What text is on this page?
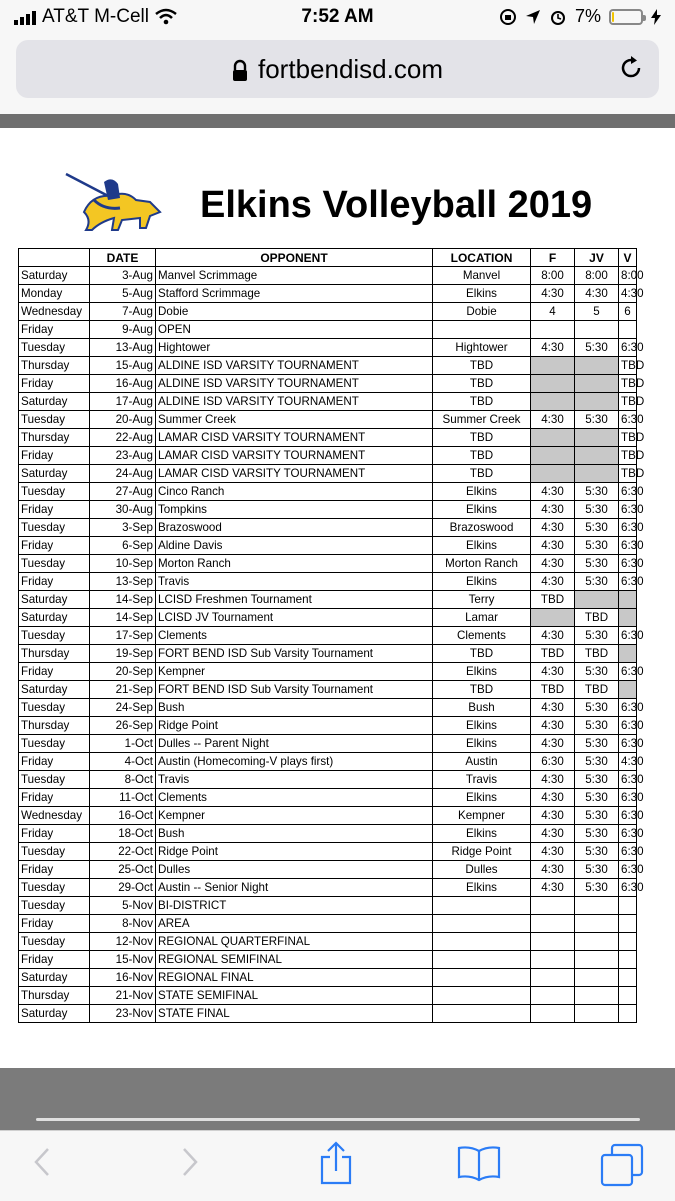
AT&T M-Cell	7:52 AM	7%
fortbendisd.com
Elkins Volleyball 2019
	DATE	OPPONENT	LOCATION	F	JV	V
Saturday	3-Aug	Manvel Scrimmage	Manvel	8:00	8:00	8:00
Monday	5-Aug	Stafford Scrimmage	Elkins	4:30	4:30	4:30
Wednesday	7-Aug	Dobie	Dobie	4	5	6
Friday	9-Aug	OPEN				
Tuesday	13-Aug	Hightower	Hightower	4:30	5:30	6:30
Thursday	15-Aug	ALDINE ISD VARSITY TOURNAMENT	TBD			TBD
Friday	16-Aug	ALDINE ISD VARSITY TOURNAMENT	TBD			TBD
Saturday	17-Aug	ALDINE ISD VARSITY TOURNAMENT	TBD			TBD
Tuesday	20-Aug	Summer Creek	Summer Creek	4:30	5:30	6:30
Thursday	22-Aug	LAMAR CISD VARSITY TOURNAMENT	TBD			TBD
Friday	23-Aug	LAMAR CISD VARSITY TOURNAMENT	TBD			TBD
Saturday	24-Aug	LAMAR CISD VARSITY TOURNAMENT	TBD			TBD
Tuesday	27-Aug	Cinco Ranch	Elkins	4:30	5:30	6:30
Friday	30-Aug	Tompkins	Elkins	4:30	5:30	6:30
Tuesday	3-Sep	Brazoswood	Brazoswood	4:30	5:30	6:30
Friday	6-Sep	Aldine Davis	Elkins	4:30	5:30	6:30
Tuesday	10-Sep	Morton Ranch	Morton Ranch	4:30	5:30	6:30
Friday	13-Sep	Travis	Elkins	4:30	5:30	6:30
Saturday	14-Sep	LCISD Freshmen Tournament	Terry	TBD		
Saturday	14-Sep	LCISD JV Tournament	Lamar		TBD	
Tuesday	17-Sep	Clements	Clements	4:30	5:30	6:30
Thursday	19-Sep	FORT BEND ISD Sub Varsity Tournament	TBD	TBD	TBD	
Friday	20-Sep	Kempner	Elkins	4:30	5:30	6:30
Saturday	21-Sep	FORT BEND ISD Sub Varsity Tournament	TBD	TBD	TBD	
Tuesday	24-Sep	Bush	Bush	4:30	5:30	6:30
Thursday	26-Sep	Ridge Point	Elkins	4:30	5:30	6:30
Tuesday	1-Oct	Dulles -- Parent Night	Elkins	4:30	5:30	6:30
Friday	4-Oct	Austin (Homecoming-V plays first)	Austin	6:30	5:30	4:30
Tuesday	8-Oct	Travis	Travis	4:30	5:30	6:30
Friday	11-Oct	Clements	Elkins	4:30	5:30	6:30
Wednesday	16-Oct	Kempner	Kempner	4:30	5:30	6:30
Friday	18-Oct	Bush	Elkins	4:30	5:30	6:30
Tuesday	22-Oct	Ridge Point	Ridge Point	4:30	5:30	6:30
Friday	25-Oct	Dulles	Dulles	4:30	5:30	6:30
Tuesday	29-Oct	Austin -- Senior Night	Elkins	4:30	5:30	6:30
Tuesday	5-Nov	BI-DISTRICT				
Friday	8-Nov	AREA				
Tuesday	12-Nov	REGIONAL QUARTERFINAL				
Friday	15-Nov	REGIONAL SEMIFINAL				
Saturday	16-Nov	REGIONAL FINAL				
Thursday	21-Nov	STATE SEMIFINAL				
Saturday	23-Nov	STATE FINAL				
